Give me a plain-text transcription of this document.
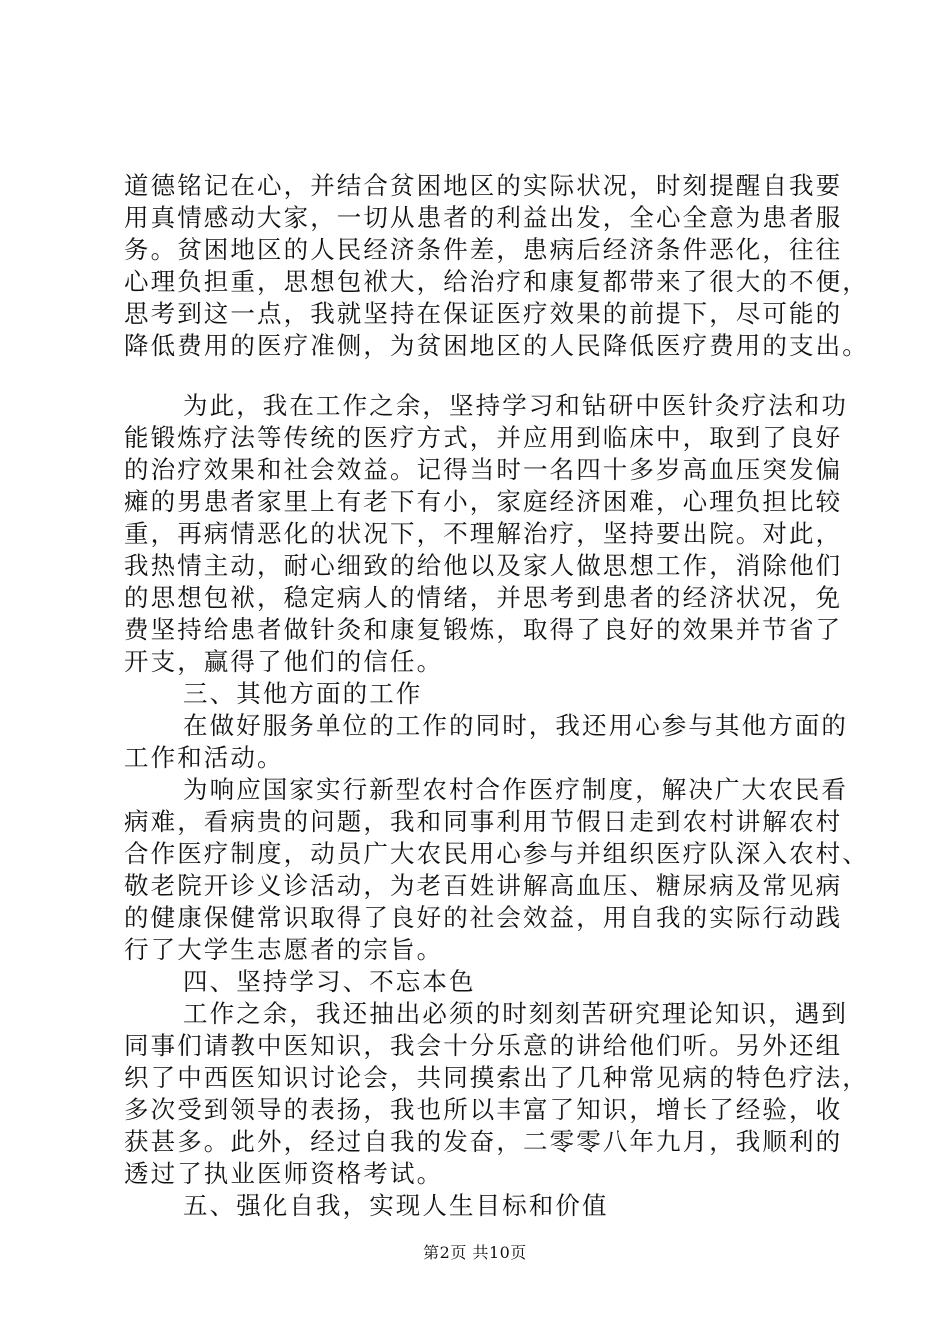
道德铭记在心，并结合贫困地区的实际状况，时刻提醒自我要
用真情感动大家，一切从患者的利益出发，全心全意为患者服
务。贫困地区的人民经济条件差，患病后经济条件恶化，往往
心理负担重，思想包袱大，给治疗和康复都带来了很大的不便，
思考到这一点，我就坚持在保证医疗效果的前提下，尽可能的
降低费用的医疗准侧，为贫困地区的人民降低医疗费用的支出。
为此，我在工作之余，坚持学习和钻研中医针灸疗法和功
能锻炼疗法等传统的医疗方式，并应用到临床中，取到了良好
的治疗效果和社会效益。记得当时一名四十多岁高血压突发偏
瘫的男患者家里上有老下有小，家庭经济困难，心理负担比较
重，再病情恶化的状况下，不理解治疗，坚持要出院。对此，
我热情主动，耐心细致的给他以及家人做思想工作，消除他们
的思想包袱，稳定病人的情绪，并思考到患者的经济状况，免
费坚持给患者做针灸和康复锻炼，取得了良好的效果并节省了
开支，赢得了他们的信任。
三、其他方面的工作
在做好服务单位的工作的同时，我还用心参与其他方面的
工作和活动。
为响应国家实行新型农村合作医疗制度，解决广大农民看
病难，看病贵的问题，我和同事利用节假日走到农村讲解农村
合作医疗制度，动员广大农民用心参与并组织医疗队深入农村、
敬老院开诊义诊活动，为老百姓讲解高血压、糖尿病及常见病
的健康保健常识取得了良好的社会效益，用自我的实际行动践
行了大学生志愿者的宗旨。
四、坚持学习、不忘本色
工作之余，我还抽出必须的时刻刻苦研究理论知识，遇到
同事们请教中医知识，我会十分乐意的讲给他们听。另外还组
织了中西医知识讨论会，共同摸索出了几种常见病的特色疗法，
多次受到领导的表扬，我也所以丰富了知识，增长了经验，收
获甚多。此外，经过自我的发奋，二零零八年九月，我顺利的
透过了执业医师资格考试。
五、强化自我，实现人生目标和价值
第2页 共10页
